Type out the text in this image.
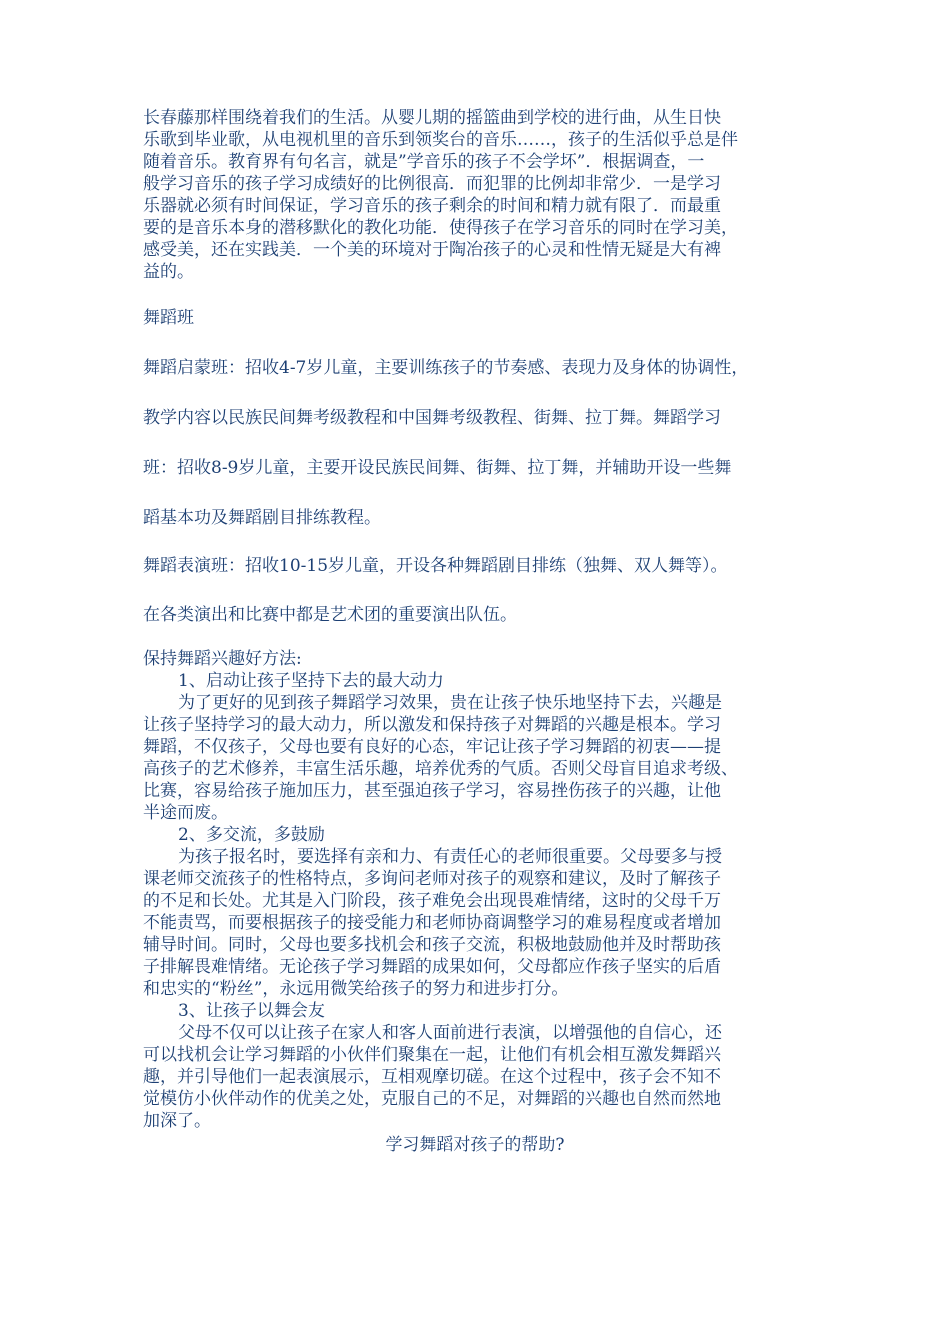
长春藤那样围绕着我们的生活。从婴儿期的摇篮曲到学校的进行曲，从生日快
乐歌到毕业歌，从电视机里的音乐到领奖台的音乐……，孩子的生活似乎总是伴
随着音乐。教育界有句名言，就是”学音乐的孩子不会学坏”．根据调查，一
般学习音乐的孩子学习成绩好的比例很高．而犯罪的比例却非常少．一是学习
乐器就必须有时间保证，学习音乐的孩子剩余的时间和精力就有限了．而最重
要的是音乐本身的潜移默化的教化功能．使得孩子在学习音乐的同时在学习美，
感受美，还在实践美．一个美的环境对于陶冶孩子的心灵和性情无疑是大有裨
益的。
舞蹈班
舞蹈启蒙班：招收4-7岁儿童，主要训练孩子的节奏感、表现力及身体的协调性，
教学内容以民族民间舞考级教程和中国舞考级教程、街舞、拉丁舞。舞蹈学习
班：招收8-9岁儿童，主要开设民族民间舞、街舞、拉丁舞，并辅助开设一些舞
蹈基本功及舞蹈剧目排练教程。
舞蹈表演班：招收10-15岁儿童，开设各种舞蹈剧目排练（独舞、双人舞等）。
在各类演出和比赛中都是艺术团的重要演出队伍。
保持舞蹈兴趣好方法:
1、启动让孩子坚持下去的最大动力
为了更好的见到孩子舞蹈学习效果，贵在让孩子快乐地坚持下去，兴趣是
让孩子坚持学习的最大动力，所以激发和保持孩子对舞蹈的兴趣是根本。学习
舞蹈，不仅孩子，父母也要有良好的心态，牢记让孩子学习舞蹈的初衷——提
高孩子的艺术修养，丰富生活乐趣，培养优秀的气质。否则父母盲目追求考级、
比赛，容易给孩子施加压力，甚至强迫孩子学习，容易挫伤孩子的兴趣，让他
半途而废。
2、多交流，多鼓励
为孩子报名时，要选择有亲和力、有责任心的老师很重要。父母要多与授
课老师交流孩子的性格特点，多询问老师对孩子的观察和建议，及时了解孩子
的不足和长处。尤其是入门阶段，孩子难免会出现畏难情绪，这时的父母千万
不能责骂，而要根据孩子的接受能力和老师协商调整学习的难易程度或者增加
辅导时间。同时，父母也要多找机会和孩子交流，积极地鼓励他并及时帮助孩
子排解畏难情绪。无论孩子学习舞蹈的成果如何，父母都应作孩子坚实的后盾
和忠实的“粉丝”，永远用微笑给孩子的努力和进步打分。
3、让孩子以舞会友
父母不仅可以让孩子在家人和客人面前进行表演，以增强他的自信心，还
可以找机会让学习舞蹈的小伙伴们聚集在一起，让他们有机会相互激发舞蹈兴
趣，并引导他们一起表演展示，互相观摩切磋。在这个过程中，孩子会不知不
觉模仿小伙伴动作的优美之处，克服自己的不足，对舞蹈的兴趣也自然而然地
加深了。
学习舞蹈对孩子的帮助?
